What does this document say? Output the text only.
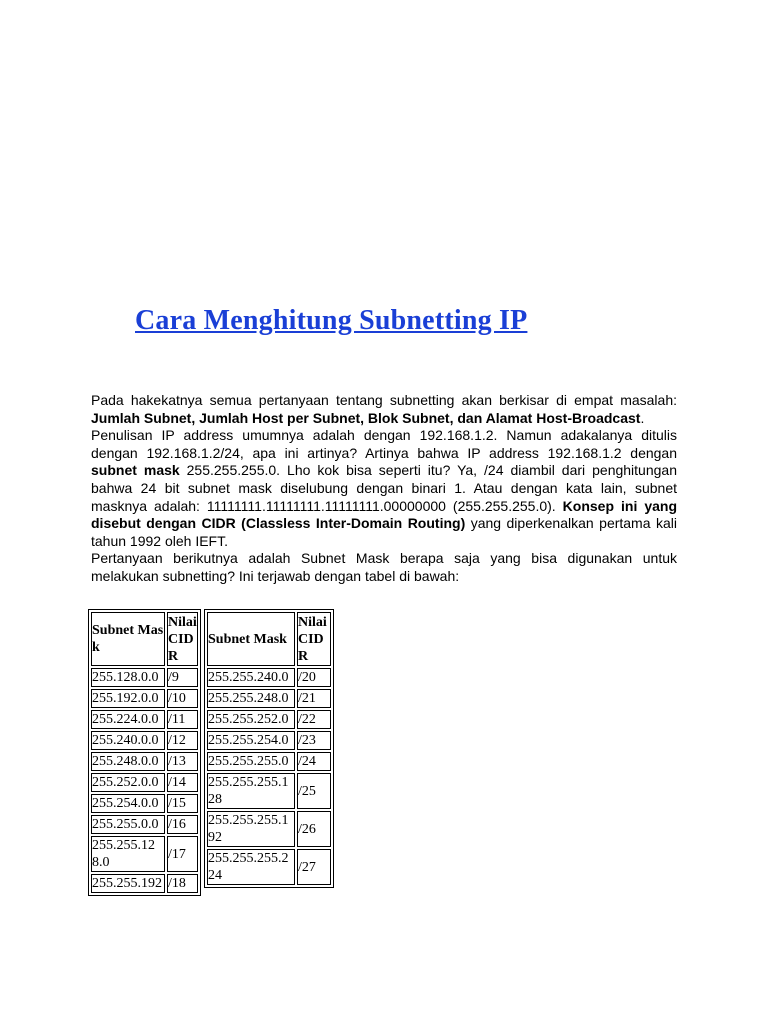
Cara Menghitung Subnetting IP

Pada hakekatnya semua pertanyaan tentang subnetting akan berkisar di empat masalah: Jumlah Subnet, Jumlah Host per Subnet, Blok Subnet, dan Alamat Host-Broadcast.

Penulisan IP address umumnya adalah dengan 192.168.1.2. Namun adakalanya ditulis dengan 192.168.1.2/24, apa ini artinya? Artinya bahwa IP address 192.168.1.2 dengan subnet mask 255.255.255.0. Lho kok bisa seperti itu? Ya, /24 diambil dari penghitungan bahwa 24 bit subnet mask diselubung dengan binari 1. Atau dengan kata lain, subnet masknya adalah: 11111111.11111111.11111111.00000000 (255.255.255.0). Konsep ini yang disebut dengan CIDR (Classless Inter-Domain Routing) yang diperkenalkan pertama kali tahun 1992 oleh IEFT.

Pertanyaan berikutnya adalah Subnet Mask berapa saja yang bisa digunakan untuk melakukan subnetting? Ini terjawab dengan tabel di bawah:

Subnet Mask	Nilai CIDR
255.128.0.0	/9
255.192.0.0	/10
255.224.0.0	/11
255.240.0.0	/12
255.248.0.0	/13
255.252.0.0	/14
255.254.0.0	/15
255.255.0.0	/16
255.255.128.0	/17
255.255.192	/18
Subnet Mask	Nilai CIDR
255.255.240.0	/20
255.255.248.0	/21
255.255.252.0	/22
255.255.254.0	/23
255.255.255.0	/24
255.255.255.128	/25
255.255.255.192	/26
255.255.255.224	/27
